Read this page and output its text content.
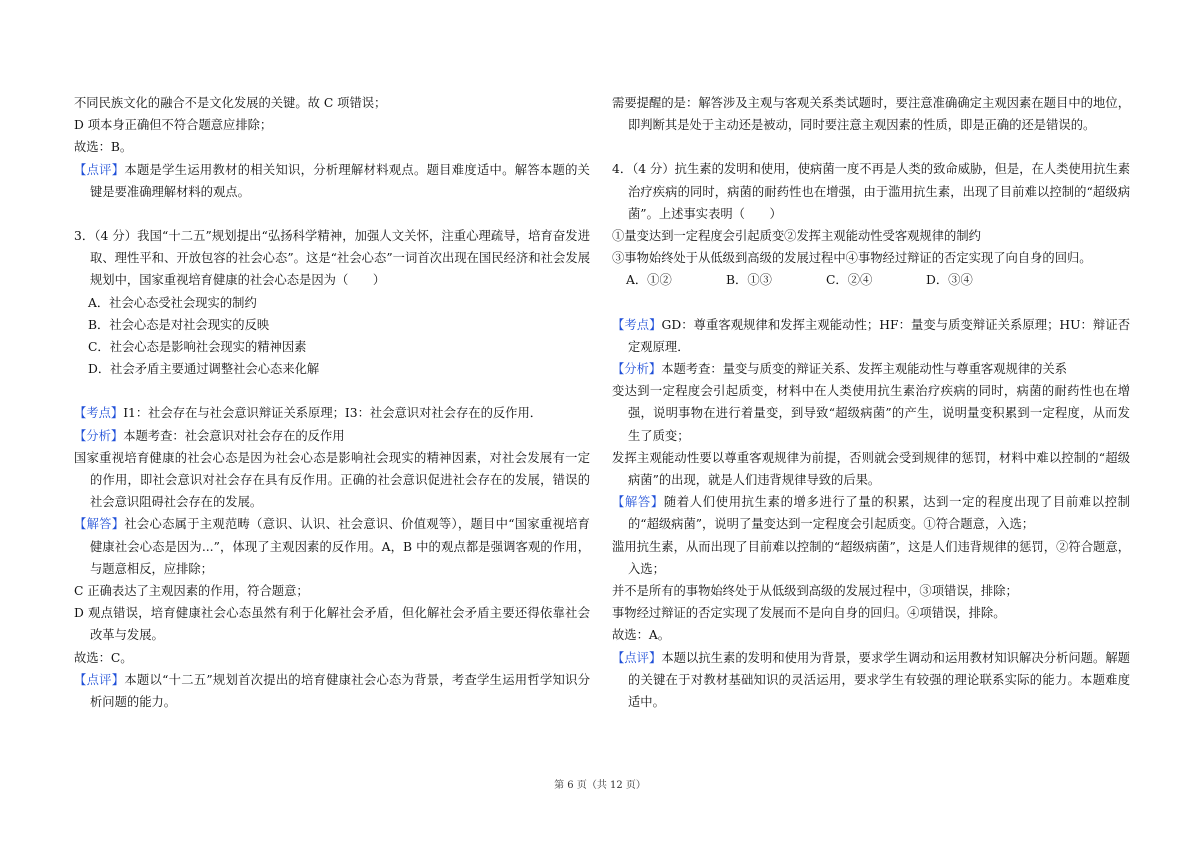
不同民族文化的融合不是文化发展的关键。故 C 项错误；

D 项本身正确但不符合题意应排除；

故选：B。

【点评】本题是学生运用教材的相关知识，分析理解材料观点。题目难度适中。解答本题的关键是要准确理解材料的观点。

3．（4 分）我国“十二五”规划提出“弘扬科学精神，加强人文关怀，注重心理疏导，培育奋发进取、理性平和、开放包容的社会心态”。这是“社会心态”一词首次出现在国民经济和社会发展规划中，国家重视培育健康的社会心态是因为（　　）

A．社会心态受社会现实的制约

B．社会心态是对社会现实的反映

C．社会心态是影响社会现实的精神因素

D．社会矛盾主要通过调整社会心态来化解

【考点】I1：社会存在与社会意识辩证关系原理；I3：社会意识对社会存在的反作用．

【分析】本题考查：社会意识对社会存在的反作用

国家重视培育健康的社会心态是因为社会心态是影响社会现实的精神因素，对社会发展有一定的作用，即社会意识对社会存在具有反作用。正确的社会意识促进社会存在的发展，错误的社会意识阻碍社会存在的发展。

【解答】社会心态属于主观范畴（意识、认识、社会意识、价值观等），题目中“国家重视培育健康社会心态是因为...”，体现了主观因素的反作用。A，B 中的观点都是强调客观的作用，与题意相反，应排除；

C 正确表达了主观因素的作用，符合题意；

D 观点错误，培育健康社会心态虽然有利于化解社会矛盾，但化解社会矛盾主要还得依靠社会改革与发展。

故选：C。

【点评】本题以“十二五”规划首次提出的培育健康社会心态为背景，考查学生运用哲学知识分析问题的能力。

需要提醒的是：解答涉及主观与客观关系类试题时，要注意准确确定主观因素在题目中的地位，即判断其是处于主动还是被动，同时要注意主观因素的性质，即是正确的还是错误的。

4．（4 分）抗生素的发明和使用，使病菌一度不再是人类的致命威胁，但是，在人类使用抗生素治疗疾病的同时，病菌的耐药性也在增强，由于滥用抗生素，出现了目前难以控制的“超级病菌”。上述事实表明（　　）

①量变达到一定程度会引起质变②发挥主观能动性受客观规律的制约

③事物始终处于从低级到高级的发展过程中④事物经过辩证的否定实现了向自身的回归。

A．①②	B．①③	C．②④	D．③④

【考点】GD：尊重客观规律和发挥主观能动性；HF：量变与质变辩证关系原理；HU：辩证否定观原理．

【分析】本题考查：量变与质变的辩证关系、发挥主观能动性与尊重客观规律的关系

变达到一定程度会引起质变，材料中在人类使用抗生素治疗疾病的同时，病菌的耐药性也在增强，说明事物在进行着量变，到导致“超级病菌”的产生，说明量变积累到一定程度，从而发生了质变；

发挥主观能动性要以尊重客观规律为前提，否则就会受到规律的惩罚，材料中难以控制的“超级病菌”的出现，就是人们违背规律导致的后果。

【解答】随着人们使用抗生素的增多进行了量的积累，达到一定的程度出现了目前难以控制的“超级病菌”，说明了量变达到一定程度会引起质变。①符合题意，入选；

滥用抗生素，从而出现了目前难以控制的“超级病菌”，这是人们违背规律的惩罚，②符合题意，入选；

并不是所有的事物始终处于从低级到高级的发展过程中，③项错误，排除；

事物经过辩证的否定实现了发展而不是向自身的回归。④项错误，排除。

故选：A。

【点评】本题以抗生素的发明和使用为背景，要求学生调动和运用教材知识解决分析问题。解题的关键在于对教材基础知识的灵活运用，要求学生有较强的理论联系实际的能力。本题难度适中。

第 6 页（共 12 页）
